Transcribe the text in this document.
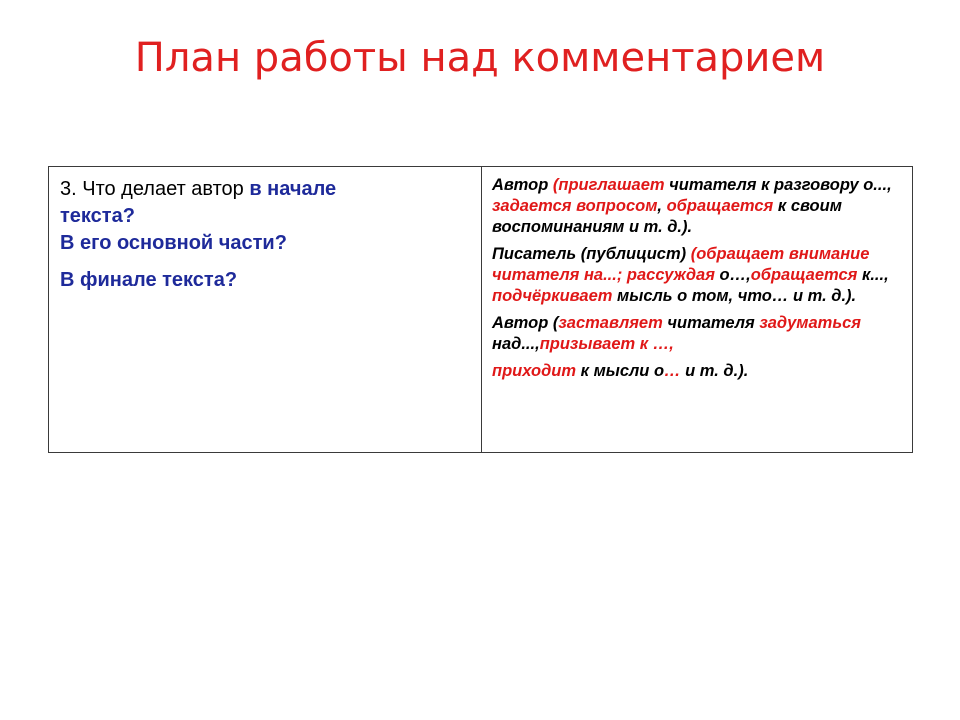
План работы над комментарием

3. Что делает автор в начале
текста?

В его основной части?

В финале текста?

Автор (приглашает читателя к разговору о..., задается вопросом, обращается к своим воспоминаниям и т. д.).

Писатель (публицист) (обращает внимание читателя на...; рассуждая о…,обращается к..., подчёркивает мысль о том, что… и т. д.).

Автор (заставляет читателя задуматься над...,призывает к …,
приходит к мысли о… и т. д.).
